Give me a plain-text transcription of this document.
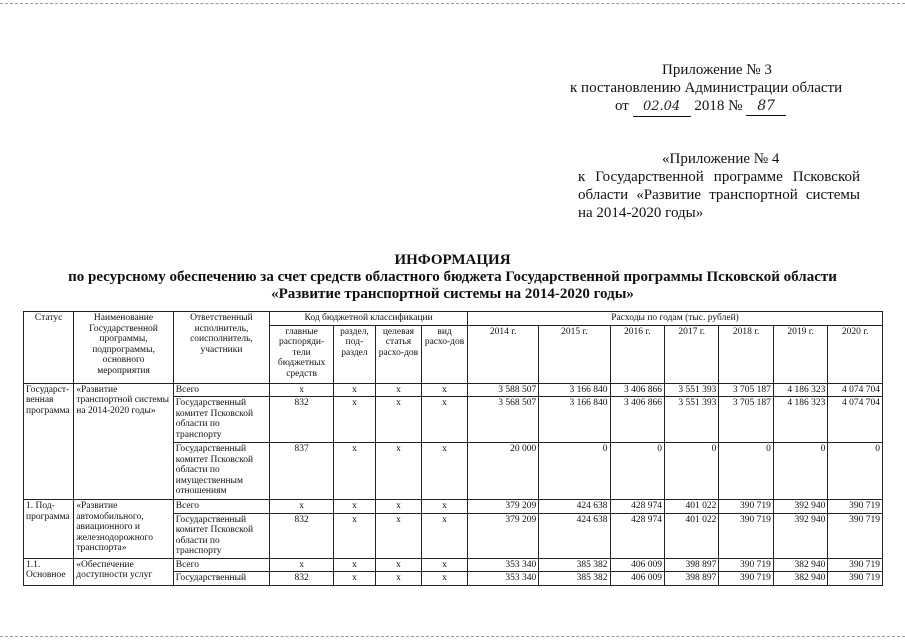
Приложение № 3
к постановлению Администрации области
от 02.04 2018 № 87
«Приложение № 4
к Государственной программе Псковской
области «Развитие транспортной системы
на 2014-2020 годы»
ИНФОРМАЦИЯ
по ресурсному обеспечению за счет средств областного бюджета Государственной программы Псковской области
«Развитие транспортной системы на 2014-2020 годы»
Статус	Наименование Государственной программы, подпрограммы, основного мероприятия	Ответственный исполнитель, соисполнитель, участники	Код бюджетной классификации				Расходы по годам (тыс. рублей)						
			главные распоряди-тели бюджетных средств	раздел, под-раздел	целевая статья расхо-дов	вид расхо-дов	2014 г.	2015 г.	2016 г.	2017 г.	2018 г.	2019 г.	2020 г.
Государст-венная программа	«Развитие транспортной системы на 2014-2020 годы»	Всего	x	x	x	x	3 588 507	3 166 840	3 406 866	3 551 393	3 705 187	4 186 323	4 074 704
		Государственный комитет Псковской области по транспорту	832	x	x	x	3 568 507	3 166 840	3 406 866	3 551 393	3 705 187	4 186 323	4 074 704
		Государственный комитет Псковской области по имущественным отношениям	837	x	x	x	20 000	0	0	0	0	0	0
1. Под-программа	«Развитие автомобильного, авиационного и железнодорожного транспорта»	Всего	x	x	x	x	379 209	424 638	428 974	401 022	390 719	392 940	390 719
		Государственный комитет Псковской области по транспорту	832	x	x	x	379 209	424 638	428 974	401 022	390 719	392 940	390 719
1.1. Основное	«Обеспечение доступности услуг	Всего	x	x	x	x	353 340	385 382	406 009	398 897	390 719	382 940	390 719
		Государственный	832	x	x	x	353 340	385 382	406 009	398 897	390 719	382 940	390 719
